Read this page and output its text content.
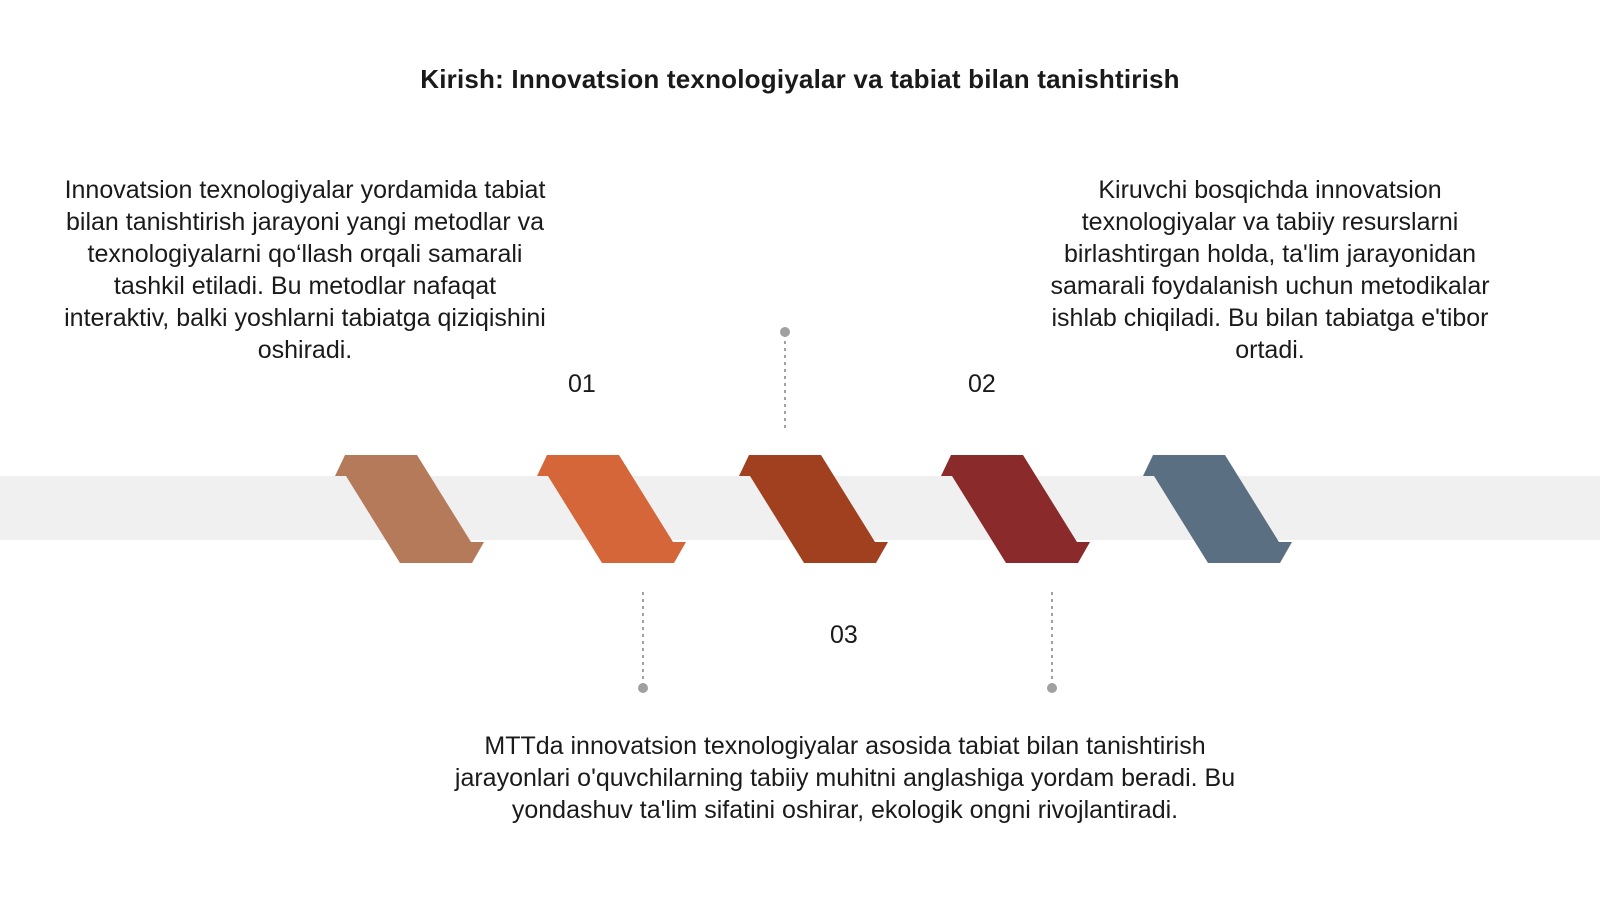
Kirish: Innovatsion texnologiyalar va tabiat bilan tanishtirish
Innovatsion texnologiyalar yordamida tabiat bilan tanishtirish jarayoni yangi metodlar va texnologiyalarni qo‘llash orqali samarali tashkil etiladi. Bu metodlar nafaqat interaktiv, balki yoshlarni tabiatga qiziqishini oshiradi.
Kiruvchi bosqichda innovatsion texnologiyalar va tabiiy resurslarni birlashtirgan holda, ta'lim jarayonidan samarali foydalanish uchun metodikalar ishlab chiqiladi. Bu bilan tabiatga e'tibor ortadi.
MTTda innovatsion texnologiyalar asosida tabiat bilan tanishtirish jarayonlari o'quvchilarning tabiiy muhitni anglashiga yordam beradi. Bu yondashuv ta'lim sifatini oshirar, ekologik ongni rivojlantiradi.
01	02
03
